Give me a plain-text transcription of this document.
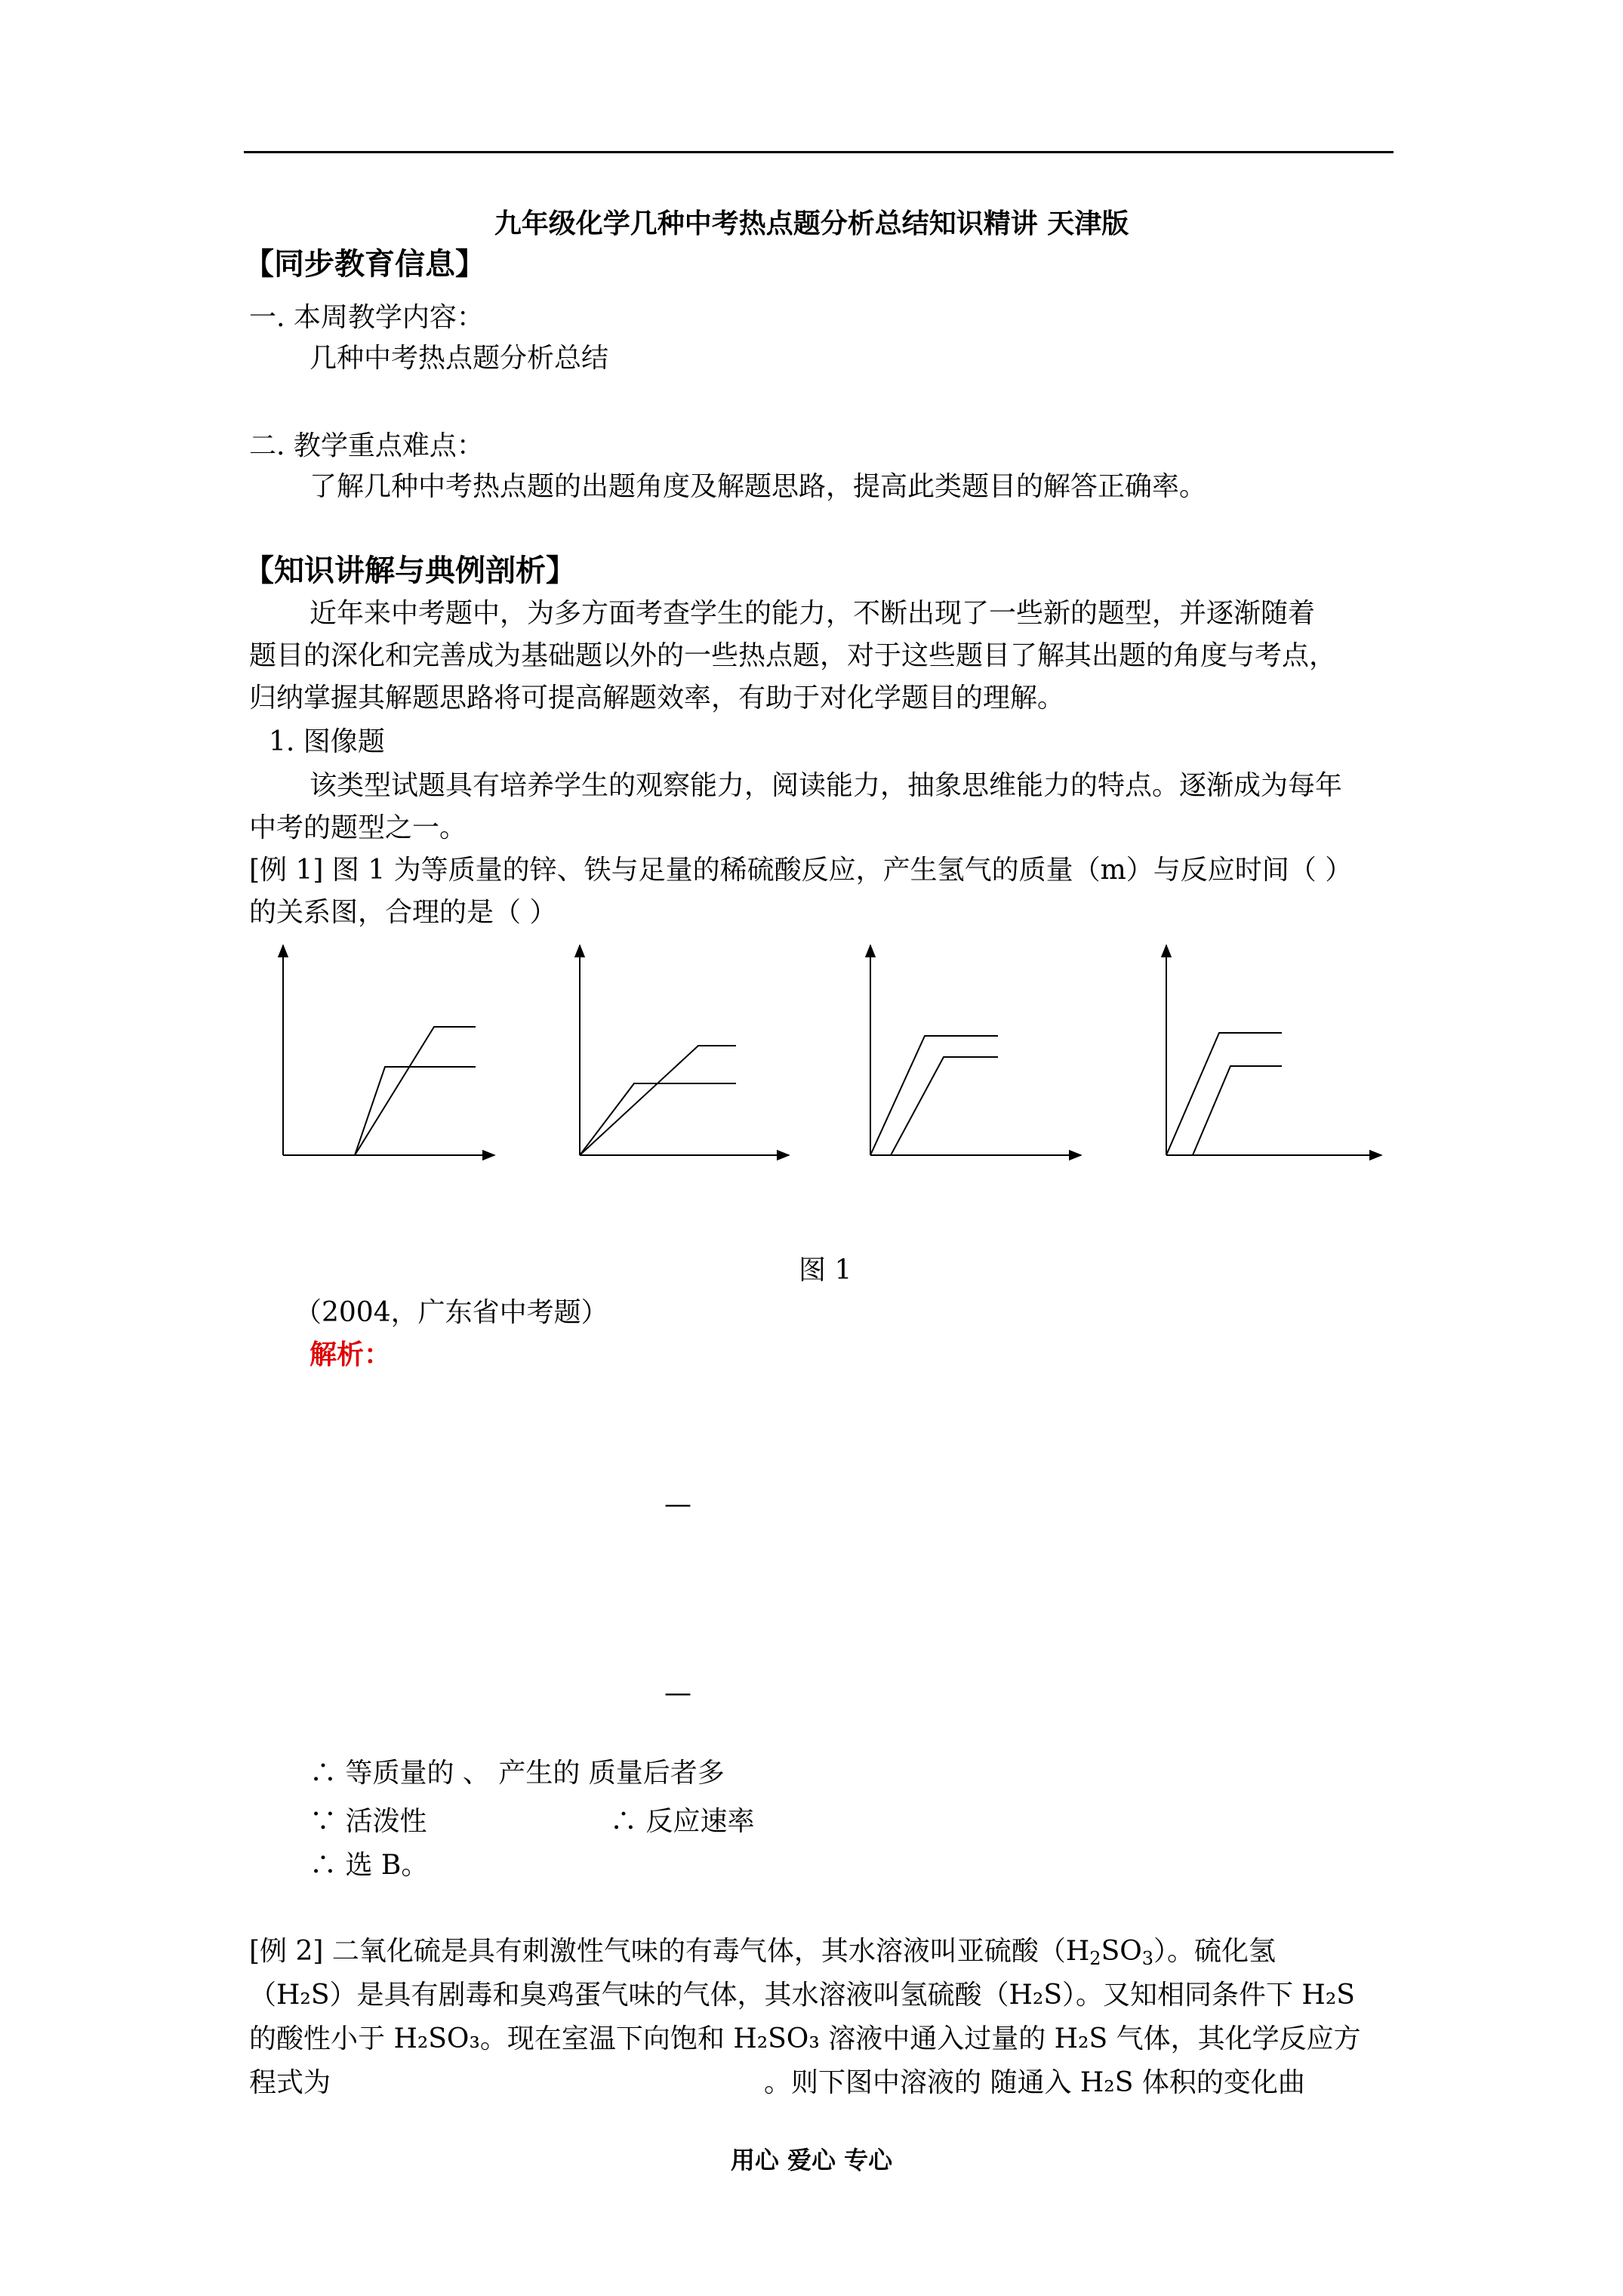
九年级化学几种中考热点题分析总结知识精讲 天津版
【同步教育信息】
一. 本周教学内容：
几种中考热点题分析总结
二. 教学重点难点：
了解几种中考热点题的出题角度及解题思路，提高此类题目的解答正确率。
【知识讲解与典例剖析】
近年来中考题中，为多方面考查学生的能力，不断出现了一些新的题型，并逐渐随着
题目的深化和完善成为基础题以外的一些热点题，对于这些题目了解其出题的角度与考点，
归纳掌握其解题思路将可提高解题效率，有助于对化学题目的理解。
1. 图像题
该类型试题具有培养学生的观察能力，阅读能力，抽象思维能力的特点。逐渐成为每年
中考的题型之一。
[例 1] 图 1 为等质量的锌、铁与足量的稀硫酸反应，产生氢气的质量（m）与反应时间（ ）
的关系图，合理的是（ ）
图 1
（2004，广东省中考题）
解析：
—
—
∴ 等质量的 、 产生的 质量后者多
∵ 活泼性	∴ 反应速率
∴ 选 B。
[例 2] 二氧化硫是具有刺激性气味的有毒气体，其水溶液叫亚硫酸$(H_2SO_3)$。硫化氢
（H₂S）是具有剧毒和臭鸡蛋气味的气体，其水溶液叫氢硫酸（H₂S）。又知相同条件下 H₂S
的酸性小于 H₂SO₃。现在室温下向饱和 H₂SO₃ 溶液中通入过量的 H₂S 气体，其化学反应方
程式为	。则下图中溶液的 随通入 H₂S 体积的变化曲
用心 爱心 专心
